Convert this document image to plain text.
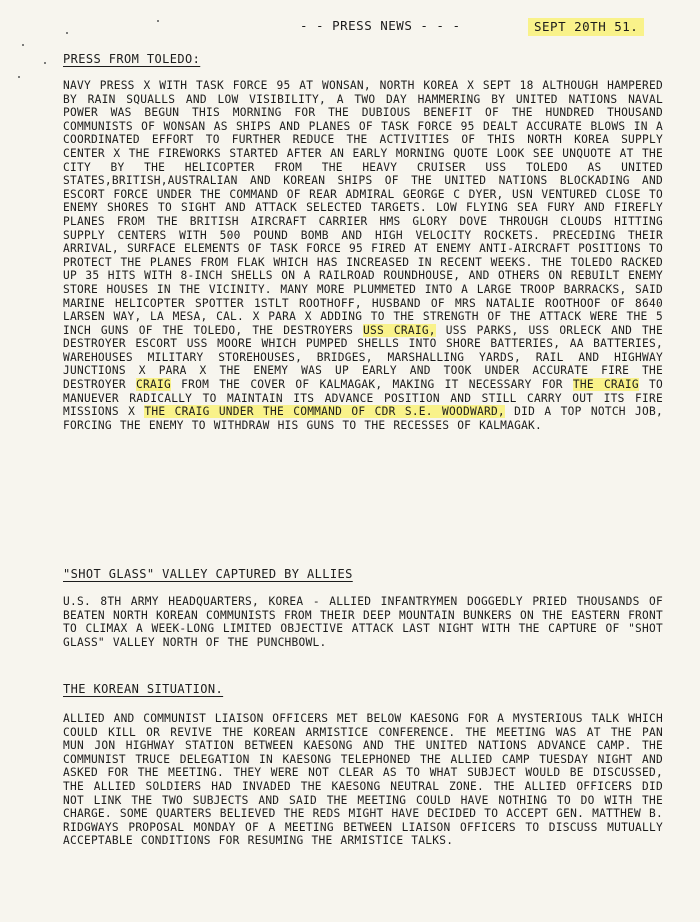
- - PRESS NEWS - - -	SEPT 20TH 51.
PRESS FROM TOLEDO:
NAVY PRESS X WITH TASK FORCE 95 AT WONSAN, NORTH KOREA X SEPT 18 ALTHOUGH HAMPERED BY RAIN SQUALLS AND LOW VISIBILITY, A TWO DAY HAMMERING BY UNITED NATIONS NAVAL POWER WAS BEGUN THIS MORNING FOR THE DUBIOUS BENEFIT OF THE HUNDRED THOUSAND COMMUNISTS OF WONSAN AS SHIPS AND PLANES OF TASK FORCE 95 DEALT ACCURATE BLOWS IN A COORDINATED EFFORT TO FURTHER REDUCE THE ACTIVITIES OF THIS NORTH KOREA SUPPLY CENTER X THE FIREWORKS STARTED AFTER AN EARLY MORNING QUOTE LOOK SEE UNQUOTE AT THE CITY BY THE HELICOPTER FROM THE HEAVY CRUISER USS TOLEDO AS UNITED STATES,BRITISH,AUSTRALIAN AND KOREAN SHIPS OF THE UNITED NATIONS BLOCKADING AND ESCORT FORCE UNDER THE COMMAND OF REAR ADMIRAL GEORGE C DYER, USN VENTURED CLOSE TO ENEMY SHORES TO SIGHT AND ATTACK SELECTED TARGETS. LOW FLYING SEA FURY AND FIREFLY PLANES FROM THE BRITISH AIRCRAFT CARRIER HMS GLORY DOVE THROUGH CLOUDS HITTING SUPPLY CENTERS WITH 500 POUND BOMB AND HIGH VELOCITY ROCKETS. PRECEDING THEIR ARRIVAL, SURFACE ELEMENTS OF TASK FORCE 95 FIRED AT ENEMY ANTI-AIRCRAFT POSITIONS TO PROTECT THE PLANES FROM FLAK WHICH HAS INCREASED IN RECENT WEEKS. THE TOLEDO RACKED UP 35 HITS WITH 8-INCH SHELLS ON A RAILROAD ROUNDHOUSE, AND OTHERS ON REBUILT ENEMY STORE HOUSES IN THE VICINITY. MANY MORE PLUMMETED INTO A LARGE TROOP BARRACKS, SAID MARINE HELICOPTER SPOTTER 1STLT ROOTHOFF, HUSBAND OF MRS NATALIE ROOTHOOF OF 8640 LARSEN WAY, LA MESA, CAL. X PARA X ADDING TO THE STRENGTH OF THE ATTACK WERE THE 5 INCH GUNS OF THE TOLEDO, THE DESTROYERS USS CRAIG, USS PARKS, USS ORLECK AND THE DESTROYER ESCORT USS MOORE WHICH PUMPED SHELLS INTO SHORE BATTERIES, AA BATTERIES, WAREHOUSES MILITARY STOREHOUSES, BRIDGES, MARSHALLING YARDS, RAIL AND HIGHWAY JUNCTIONS X PARA X THE ENEMY WAS UP EARLY AND TOOK UNDER ACCURATE FIRE THE DESTROYER CRAIG FROM THE COVER OF KALMAGAK, MAKING IT NECESSARY FOR THE CRAIG TO MANUEVER RADICALLY TO MAINTAIN ITS ADVANCE POSITION AND STILL CARRY OUT ITS FIRE MISSIONS X THE CRAIG UNDER THE COMMAND OF CDR S.E. WOODWARD, DID A TOP NOTCH JOB, FORCING THE ENEMY TO WITHDRAW HIS GUNS TO THE RECESSES OF KALMAGAK.
"SHOT GLASS" VALLEY CAPTURED BY ALLIES
U.S. 8TH ARMY HEADQUARTERS, KOREA - ALLIED INFANTRYMEN DOGGEDLY PRIED THOUSANDS OF BEATEN NORTH KOREAN COMMUNISTS FROM THEIR DEEP MOUNTAIN BUNKERS ON THE EASTERN FRONT TO CLIMAX A WEEK-LONG LIMITED OBJECTIVE ATTACK LAST NIGHT WITH THE CAPTURE OF "SHOT GLASS" VALLEY NORTH OF THE PUNCHBOWL.
THE KOREAN SITUATION.
ALLIED AND COMMUNIST LIAISON OFFICERS MET BELOW KAESONG FOR A MYSTERIOUS TALK WHICH COULD KILL OR REVIVE THE KOREAN ARMISTICE CONFERENCE. THE MEETING WAS AT THE PAN MUN JON HIGHWAY STATION BETWEEN KAESONG AND THE UNITED NATIONS ADVANCE CAMP. THE COMMUNIST TRUCE DELEGATION IN KAESONG TELEPHONED THE ALLIED CAMP TUESDAY NIGHT AND ASKED FOR THE MEETING. THEY WERE NOT CLEAR AS TO WHAT SUBJECT WOULD BE DISCUSSED, THE ALLIED SOLDIERS HAD INVADED THE KAESONG NEUTRAL ZONE. THE ALLIED OFFICERS DID NOT LINK THE TWO SUBJECTS AND SAID THE MEETING COULD HAVE NOTHING TO DO WITH THE CHARGE. SOME QUARTERS BELIEVED THE REDS MIGHT HAVE DECIDED TO ACCEPT GEN. MATTHEW B. RIDGWAYS PROPOSAL MONDAY OF A MEETING BETWEEN LIAISON OFFICERS TO DISCUSS MUTUALLY ACCEPTABLE CONDITIONS FOR RESUMING THE ARMISTICE TALKS.
